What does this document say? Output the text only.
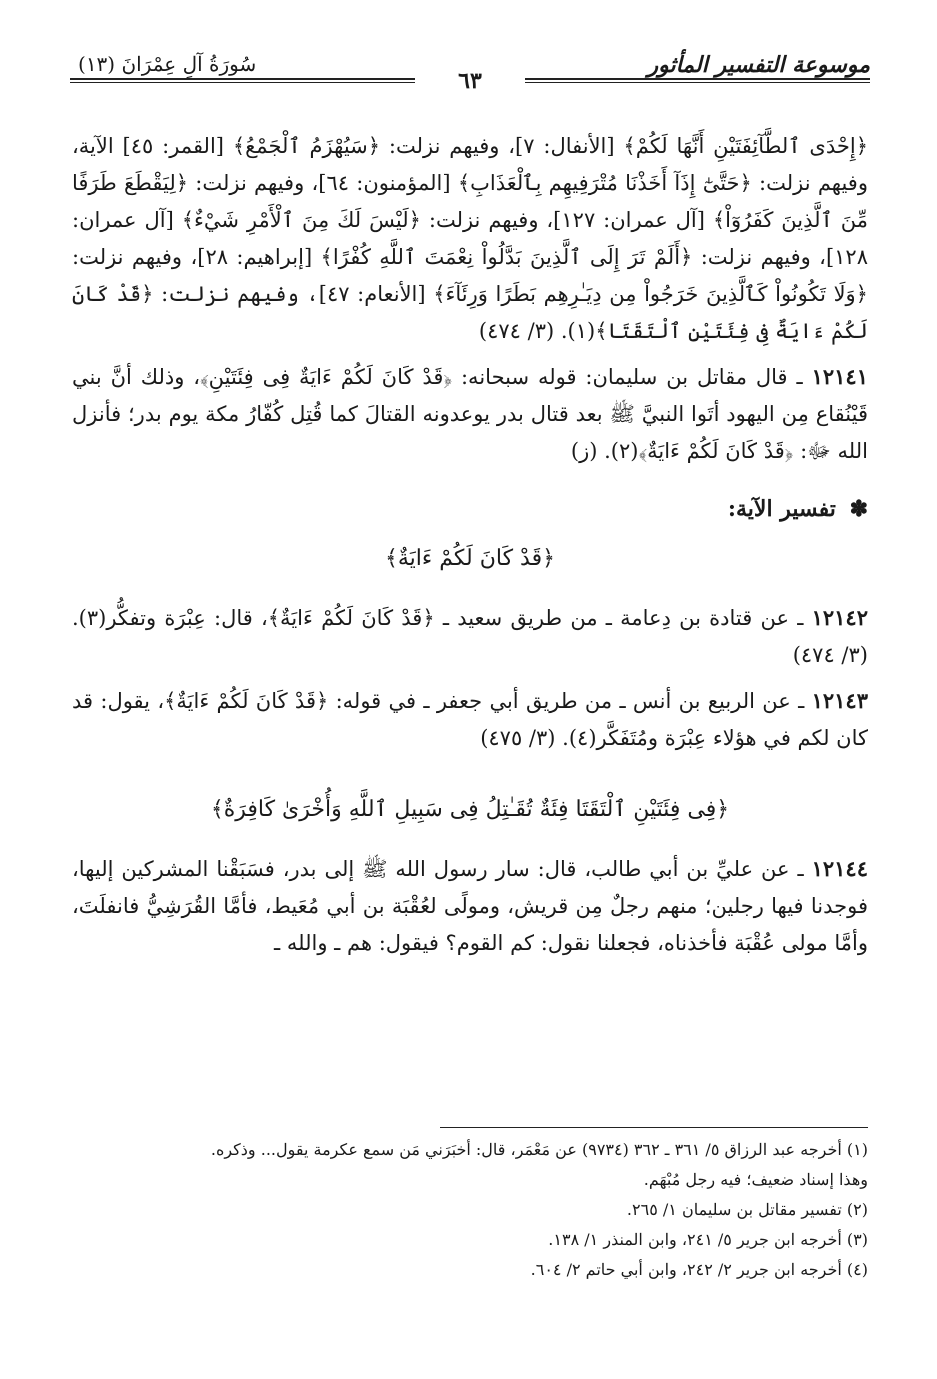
سُورَةُ آلِ عِمْرَانَ (١٣)
٦٣
موسوعة التفسير المأثور

﴿إِحْدَى ٱلطَّآئِفَتَيْنِ أَنَّهَا لَكُمْ﴾ [الأنفال: ٧]، وفيهم نزلت: ﴿سَيُهْزَمُ ٱلْجَمْعُ﴾ [القمر: ٤٥] الآية، وفيهم نزلت: ﴿حَتَّىٰٓ إِذَآ أَخَذْنَا مُتْرَفِيهِم بِٱلْعَذَابِ﴾ [المؤمنون: ٦٤]، وفيهم نزلت: ﴿لِيَقْطَعَ طَرَفًا مِّنَ ٱلَّذِينَ كَفَرُوٓاْ﴾ [آل عمران: ١٢٧]، وفيهم نزلت: ﴿لَيْسَ لَكَ مِنَ ٱلْأَمْرِ شَيْءٌ﴾ [آل عمران: ١٢٨]، وفيهم نزلت: ﴿أَلَمْ تَرَ إِلَى ٱلَّذِينَ بَدَّلُواْ نِعْمَتَ ٱللَّهِ كُفْرًا﴾ [إبراهيم: ٢٨]، وفيهم نزلت: ﴿وَلَا تَكُونُواْ كَٱلَّذِينَ خَرَجُواْ مِن دِيَـٰرِهِم بَطَرًا وَرِئَآءَ﴾ [الأنعام: ٤٧]، وفيهم نزلت: ﴿قَدْ كَانَ لَكُمْ ءَايَةٌ فِى فِئَتَيْنِ ٱلْتَقَتَا﴾(١). (٣/ ٤٧٤)

١٢١٤١ ـ قال مقاتل بن سليمان: قوله سبحانه: ﴿قَدْ كَانَ لَكُمْ ءَايَةٌ فِى فِئَتَيْنِ﴾، وذلك أنَّ بني قَيْنُقاع مِن اليهود أتَوا النبيَّ ﷺ بعد قتال بدر يوعدونه القتالَ كما قُتِل كُفّارُ مكة يوم بدر؛ فأنزل الله ﷻ: ﴿قَدْ كَانَ لَكُمْ ءَايَةٌ﴾(٢). (ز)

✽ تفسير الآية:
﴿قَدْ كَانَ لَكُمْ ءَايَةٌ﴾

١٢١٤٢ ـ عن قتادة بن دِعامة ـ من طريق سعيد ـ ﴿قَدْ كَانَ لَكُمْ ءَايَةٌ﴾، قال: عِبْرَة وتفكُّر(٣). (٣/ ٤٧٤)

١٢١٤٣ ـ عن الربيع بن أنس ـ من طريق أبي جعفر ـ في قوله: ﴿قَدْ كَانَ لَكُمْ ءَايَةٌ﴾، يقول: قد كان لكم في هؤلاء عِبْرَة ومُتَفَكَّر(٤). (٣/ ٤٧٥)

﴿فِى فِئَتَيْنِ ٱلْتَقَتَا فِئَةٌ تُقَـٰتِلُ فِى سَبِيلِ ٱللَّهِ وَأُخْرَىٰ كَافِرَةٌ﴾

١٢١٤٤ ـ عن عليِّ بن أبي طالب، قال: سار رسول الله ﷺ إلى بدر، فسَبَقْنا المشركين إليها، فوجدنا فيها رجلين؛ منهم رجلٌ مِن قريش، ومولًى لعُقْبَة بن أبي مُعَيط، فأمَّا القُرَشِيُّ فانفلَتَ، وأمَّا مولى عُقْبَة فأخذناه، فجعلنا نقول: كم القوم؟ فيقول: هم ـ والله ـ

(١) أخرجه عبد الرزاق ٥/ ٣٦١ ـ ٣٦٢ (٩٧٣٤) عن مَعْمَر، قال: أخبَرَني مَن سمع عكرمة يقول... وذكره.

وهذا إسناد ضعيف؛ فيه رجل مُبْهَم.

(٢) تفسير مقاتل بن سليمان ١/ ٢٦٥.

(٣) أخرجه ابن جرير ٥/ ٢٤١، وابن المنذر ١/ ١٣٨.

(٤) أخرجه ابن جرير ٢/ ٢٤٢، وابن أبي حاتم ٢/ ٦٠٤.
